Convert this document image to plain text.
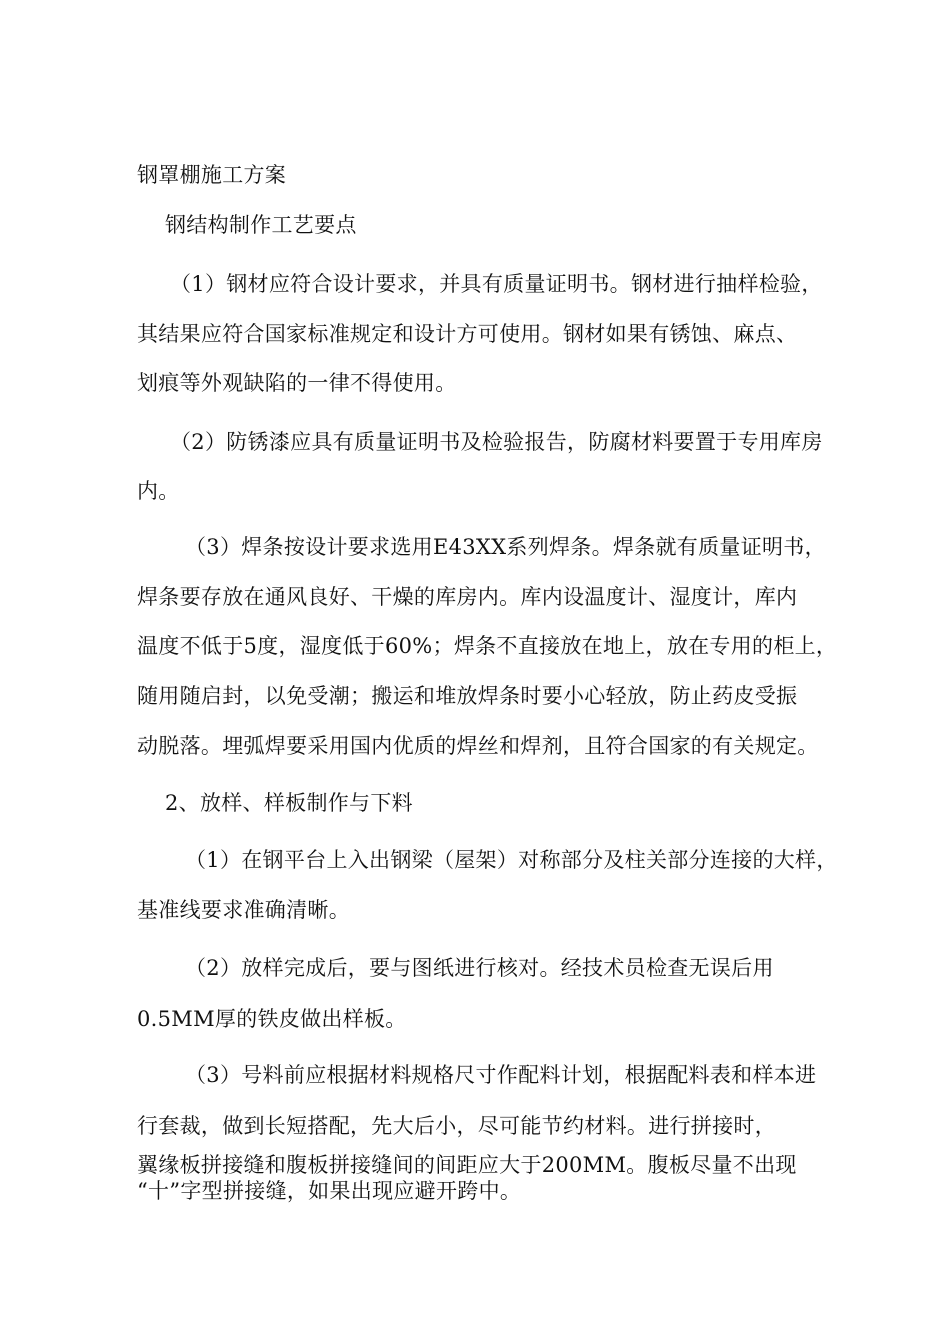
钢罩棚施工方案
钢结构制作工艺要点
（1）钢材应符合设计要求，并具有质量证明书。钢材进行抽样检验，
其结果应符合国家标准规定和设计方可使用。钢材如果有锈蚀、麻点、
划痕等外观缺陷的一律不得使用。
（2）防锈漆应具有质量证明书及检验报告，防腐材料要置于专用库房
内。
（3）焊条按设计要求选用E43XX系列焊条。焊条就有质量证明书，
焊条要存放在通风良好、干燥的库房内。库内设温度计、湿度计，库内
温度不低于5度，湿度低于60%；焊条不直接放在地上，放在专用的柜上，
随用随启封，以免受潮；搬运和堆放焊条时要小心轻放，防止药皮受振
动脱落。埋弧焊要采用国内优质的焊丝和焊剂，且符合国家的有关规定。
2、放样、样板制作与下料
（1）在钢平台上入出钢梁（屋架）对称部分及柱关部分连接的大样，
基准线要求准确清晰。
（2）放样完成后，要与图纸进行核对。经技术员检查无误后用
0.5MM厚的铁皮做出样板。
（3）号料前应根据材料规格尺寸作配料计划，根据配料表和样本进
行套裁，做到长短搭配，先大后小，尽可能节约材料。进行拼接时，
翼缘板拼接缝和腹板拼接缝间的间距应大于200MM。腹板尽量不出现
“十”字型拼接缝，如果出现应避开跨中。
